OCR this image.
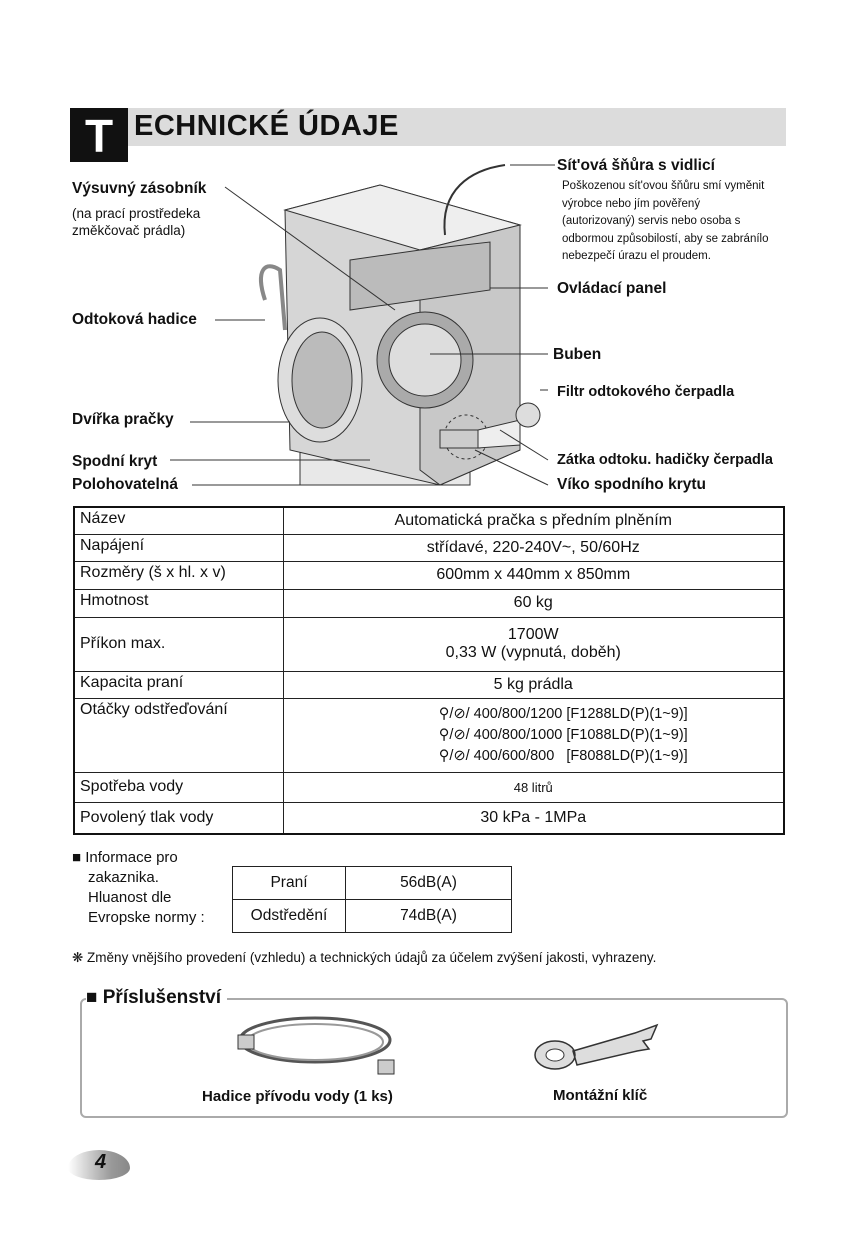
T ECHNICKÉ ÚDAJE
Výsuvný zásobník
(na prací prostředeka
změkčovač prádla)
Odtoková hadice
Dvířka pračky
Spodní kryt
Polohovatelná
Sít'ová šňůra s vidlicí
Poškozenou sít'ovou šňůru smí vyměnit
výrobce nebo jím pověřený
(autorizovaný) servis nebo osoba s
odbormou způsobilostí, aby se zabránílo
nebezpečí úrazu el proudem.
Ovládací panel
Buben
Filtr odtokového čerpadla
Zátka odtoku. hadičky čerpadla
Víko spodního krytu
Název	Automatická pračka s předním plněním
Napájení	střídavé, 220-240V~, 50/60Hz
Rozměry (š x hl. x v)	600mm x 440mm x 850mm
Hmotnost	60 kg
Příkon max.	1700W
0,33 W (vypnutá, doběh)

Kapacita praní	5 kg prádla
Otáčky odstřeďování	⚲/⊘/ 400/800/1200 [F1288LD(P)(1~9)]
⚲/⊘/ 400/800/1000 [F1088LD(P)(1~9)]
⚲/⊘/ 400/600/800   [F8088LD(P)(1~9)]

Spotřeba vody	48 litrů
Povolený tlak vody	30 kPa - 1MPa
■ Informace pro
zakaznika.
Hluanost dle
Evropske normy :
Praní	56dB(A)
Odstředění	74dB(A)
❋ Změny vnějšího provedení (vzhledu) a technických údajů za účelem zvýšení jakosti, vyhrazeny.
■ Příslušenství
Hadice přívodu vody (1 ks)	Montážní klíč
4
